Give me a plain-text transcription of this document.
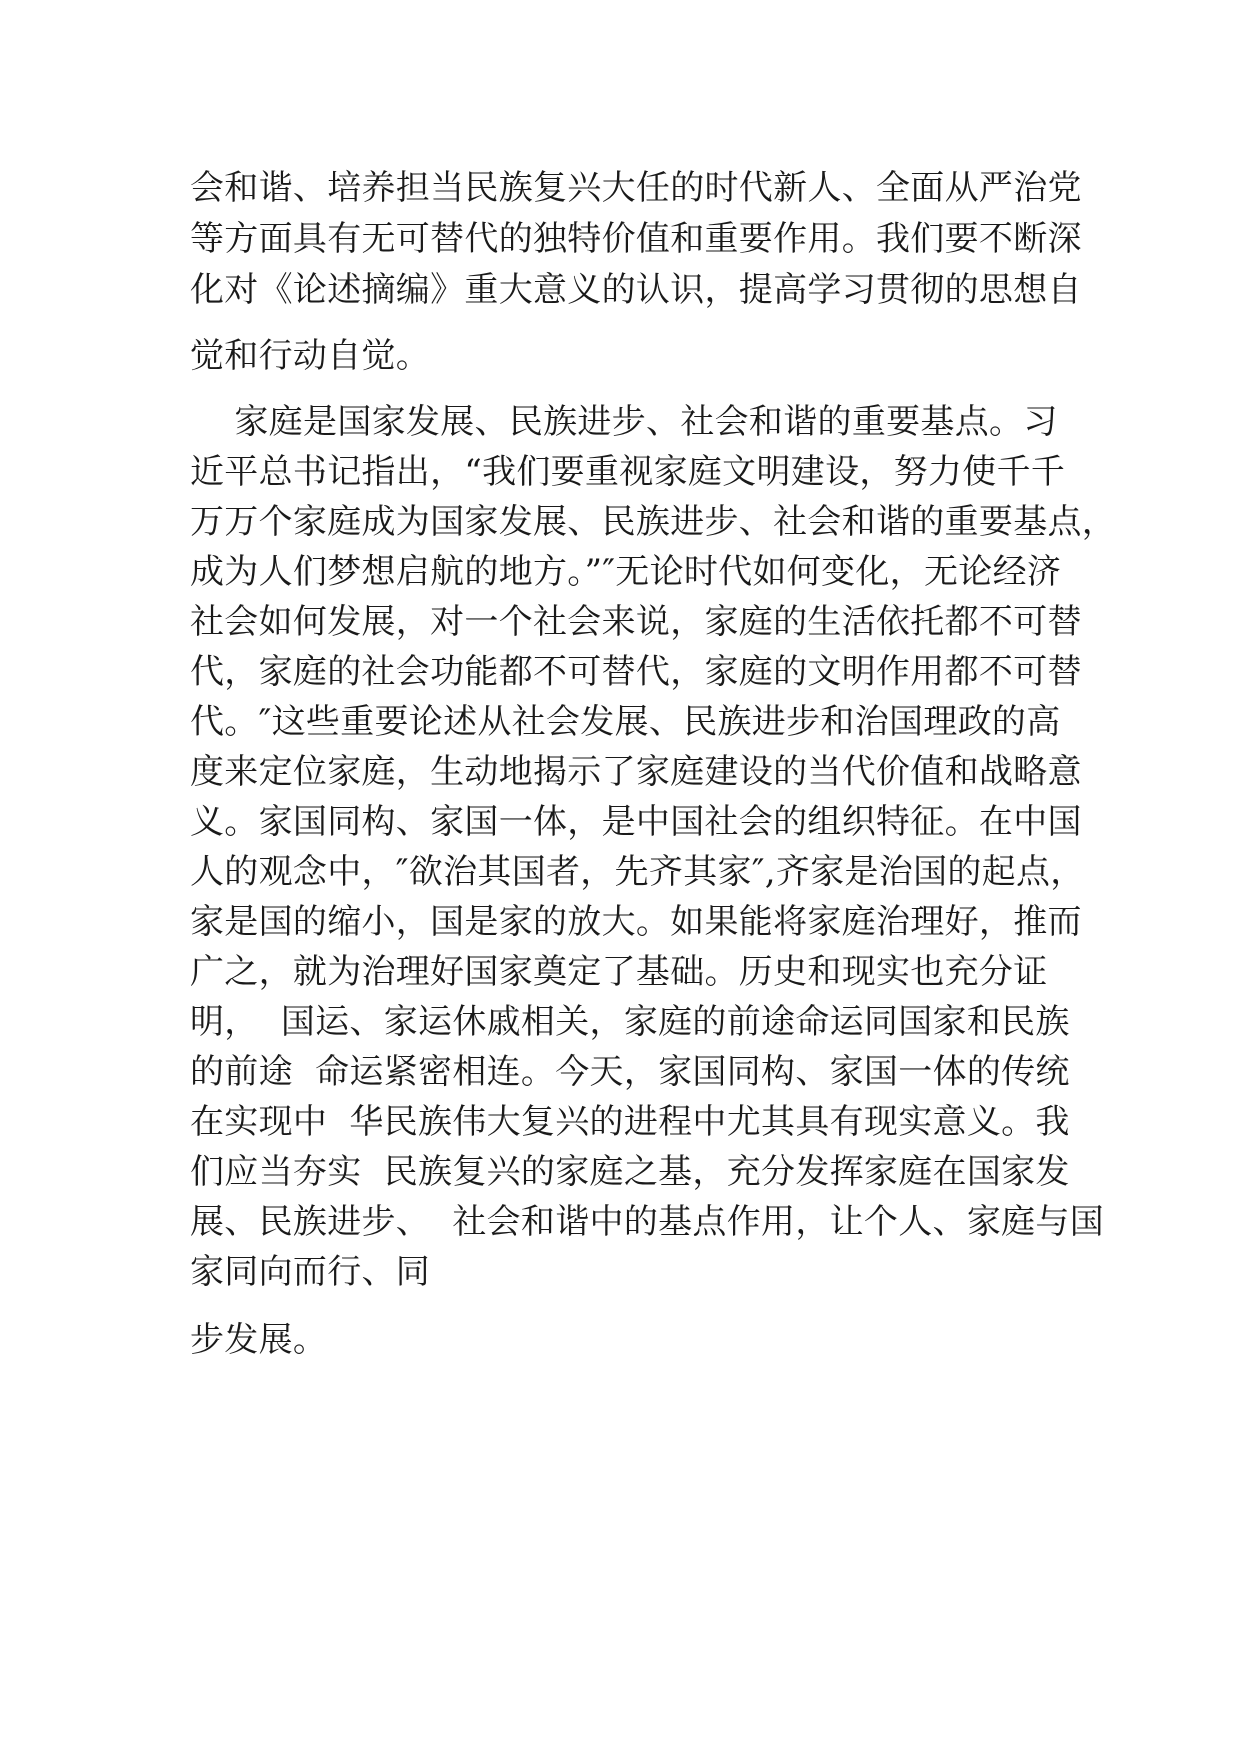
会和谐、培养担当民族复兴大任的时代新人、全面从严治党
等方面具有无可替代的独特价值和重要作用。我们要不断深
化对《论述摘编》重大意义的认识，提高学习贯彻的思想自
觉和行动自觉。
家庭是国家发展、民族进步、社会和谐的重要基点。习
近平总书记指出，“我们要重视家庭文明建设，努力使千千
万万个家庭成为国家发展、民族进步、社会和谐的重要基点，
成为人们梦想启航的地方。”″无论时代如何变化，无论经济
社会如何发展，对一个社会来说，家庭的生活依托都不可替
代，家庭的社会功能都不可替代，家庭的文明作用都不可替
代。″这些重要论述从社会发展、民族进步和治国理政的高
度来定位家庭，生动地揭示了家庭建设的当代价值和战略意
义。家国同构、家国一体，是中国社会的组织特征。在中国
人的观念中，″欲治其国者，先齐其家″,齐家是治国的起点，
家是国的缩小，国是家的放大。如果能将家庭治理好，推而
广之，就为治理好国家奠定了基础。历史和现实也充分证
明，  国运、家运休戚相关，家庭的前途命运同国家和民族
的前途  命运紧密相连。今天，家国同构、家国一体的传统
在实现中  华民族伟大复兴的进程中尤其具有现实意义。我
们应当夯实  民族复兴的家庭之基，充分发挥家庭在国家发
展、民族进步、  社会和谐中的基点作用，让个人、家庭与国
家同向而行、同
步发展。
